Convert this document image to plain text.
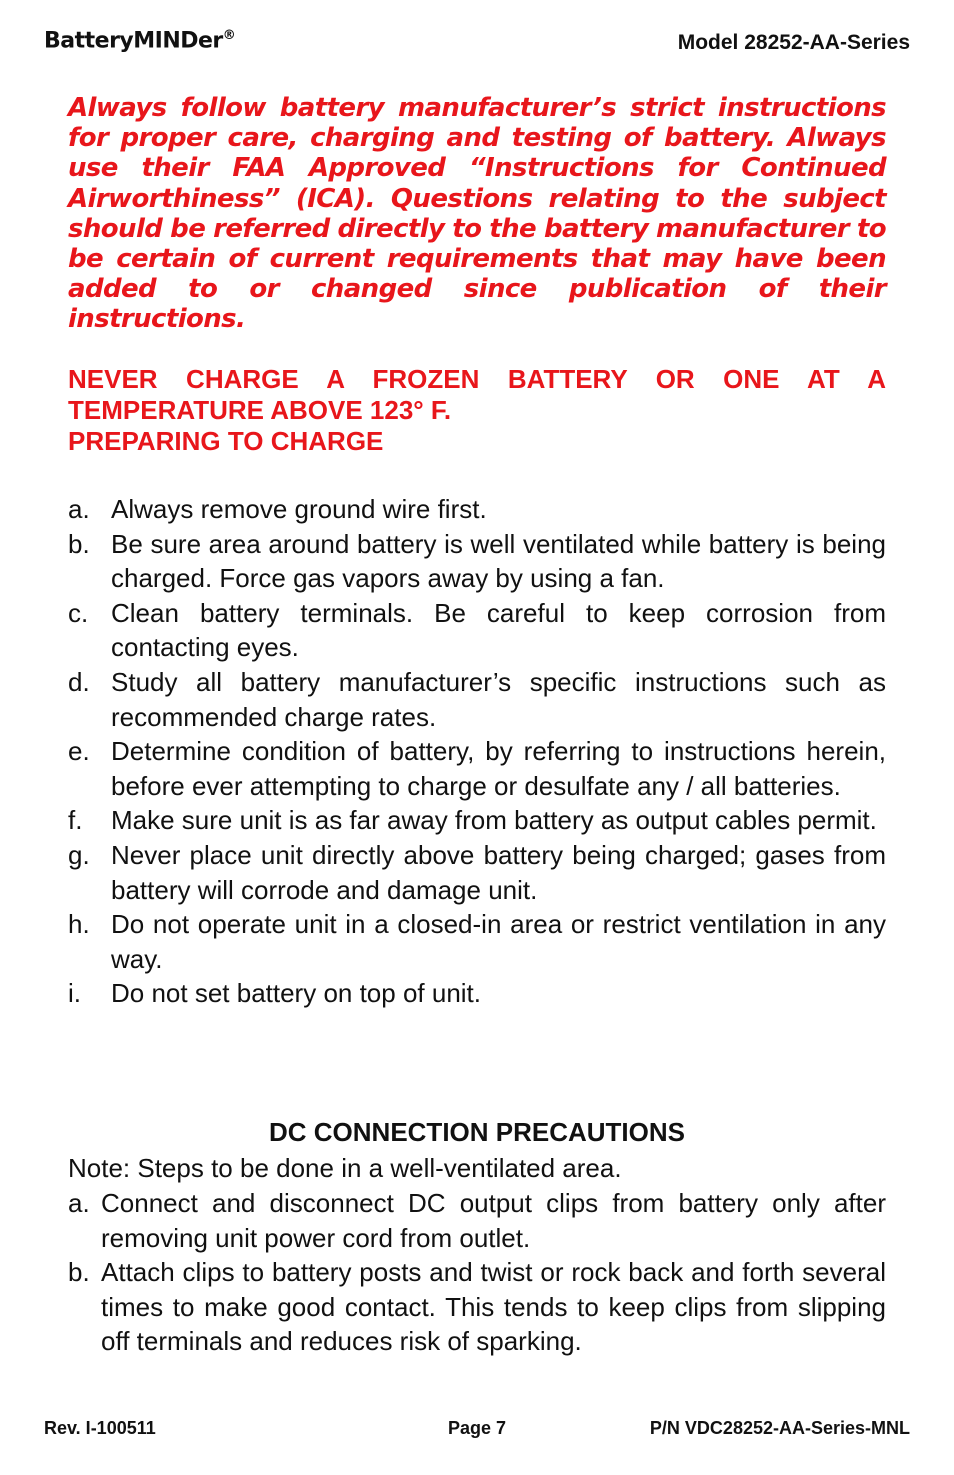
BatteryMINDer®	Model 28252-AA-Series
Always follow battery manufacturer’s strict instructions for proper care, charging and testing of battery. Always use their FAA Approved “Instructions for Continued Airworthiness” (ICA). Questions relating to the subject should be referred directly to the battery manufacturer to be certain of current requirements that may have been added to or changed since publication of their instructions.
NEVER CHARGE A FROZEN BATTERY OR ONE AT A
TEMPERATURE ABOVE 123° F.
PREPARING TO CHARGE
a. Always remove ground wire first.
b. Be sure area around battery is well ventilated while battery is being charged. Force gas vapors away by using a fan.
c. Clean battery terminals. Be careful to keep corrosion from contacting eyes.
d. Study all battery manufacturer’s specific instructions such as recommended charge rates.
e. Determine condition of battery, by referring to instructions herein, before ever attempting to charge or desulfate any / all batteries.
f. Make sure unit is as far away from battery as output cables permit.
g. Never place unit directly above battery being charged; gases from battery will corrode and damage unit.
h. Do not operate unit in a closed-in area or restrict ventilation in any way.
i. Do not set battery on top of unit.
DC CONNECTION PRECAUTIONS
Note: Steps to be done in a well-ventilated area.
a. Connect and disconnect DC output clips from battery only after removing unit power cord from outlet.
b. Attach clips to battery posts and twist or rock back and forth several times to make good contact. This tends to keep clips from slipping off terminals and reduces risk of sparking.
Rev. I-100511	Page 7	P/N VDC28252-AA-Series-MNL
